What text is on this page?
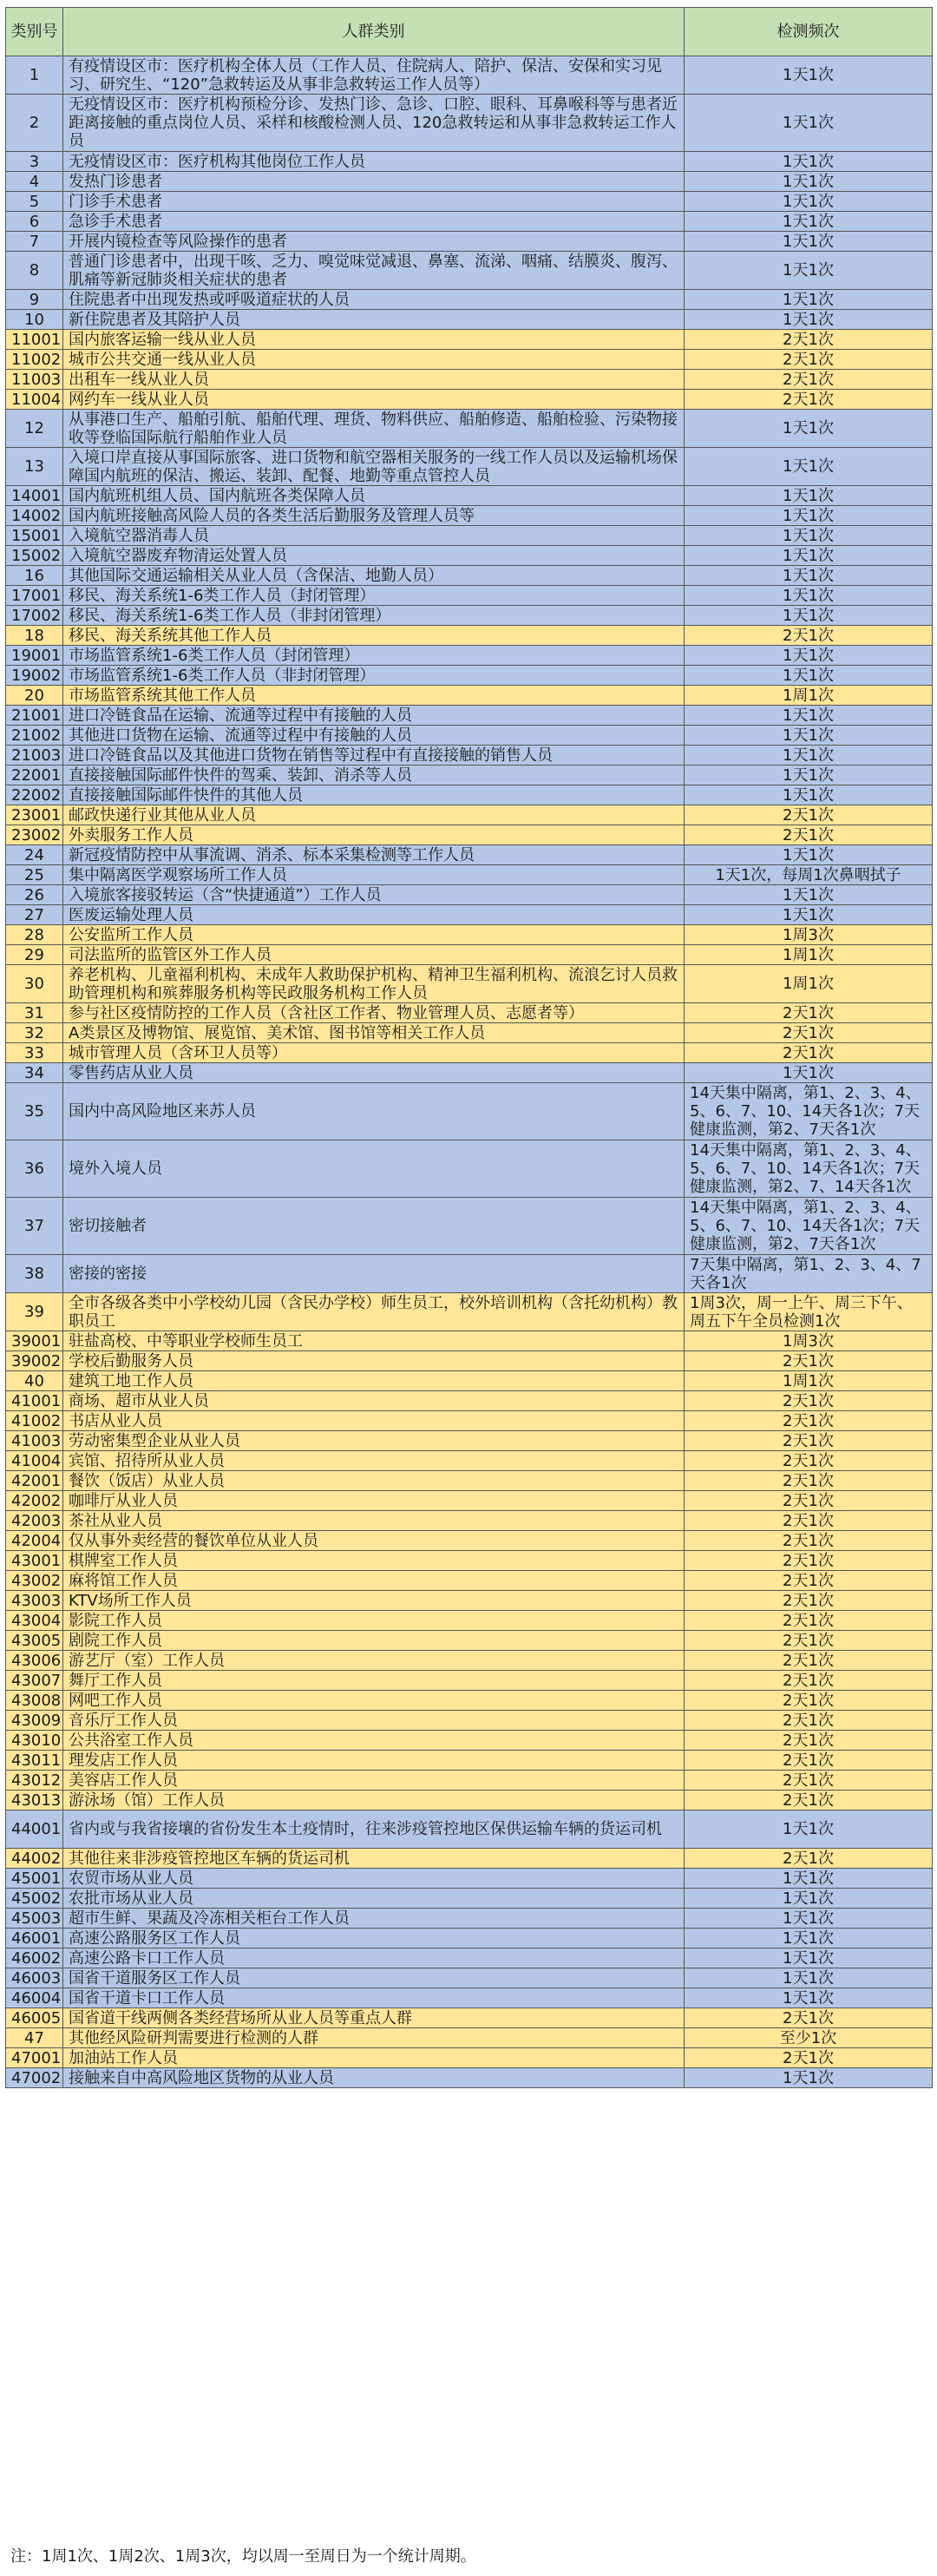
类别号	人群类别	检测频次
1	有疫情设区市：医疗机构全体人员（工作人员、住院病人、陪护、保洁、安保和实习见习、研究生、“120”急救转运及从事非急救转运工作人员等）	1天1次
2	无疫情设区市：医疗机构预检分诊、发热门诊、急诊、口腔、眼科、耳鼻喉科等与患者近距离接触的重点岗位人员、采样和核酸检测人员、120急救转运和从事非急救转运工作人员	1天1次
3	无疫情设区市：医疗机构其他岗位工作人员	1天1次
4	发热门诊患者	1天1次
5	门诊手术患者	1天1次
6	急诊手术患者	1天1次
7	开展内镜检查等风险操作的患者	1天1次
8	普通门诊患者中，出现干咳、乏力、嗅觉味觉减退、鼻塞、流涕、咽痛、结膜炎、腹泻、肌痛等新冠肺炎相关症状的患者	1天1次
9	住院患者中出现发热或呼吸道症状的人员	1天1次
10	新住院患者及其陪护人员	1天1次
11001	国内旅客运输一线从业人员	2天1次
11002	城市公共交通一线从业人员	2天1次
11003	出租车一线从业人员	2天1次
11004	网约车一线从业人员	2天1次
12	从事港口生产、船舶引航、船舶代理、理货、物料供应、船舶修造、船舶检验、污染物接收等登临国际航行船舶作业人员	1天1次
13	入境口岸直接从事国际旅客、进口货物和航空器相关服务的一线工作人员以及运输机场保障国内航班的保洁、搬运、装卸、配餐、地勤等重点管控人员	1天1次
14001	国内航班机组人员、国内航班各类保障人员	1天1次
14002	国内航班接触高风险人员的各类生活后勤服务及管理人员等	1天1次
15001	入境航空器消毒人员	1天1次
15002	入境航空器废弃物清运处置人员	1天1次
16	其他国际交通运输相关从业人员（含保洁、地勤人员）	1天1次
17001	移民、海关系统1-6类工作人员（封闭管理）	1天1次
17002	移民、海关系统1-6类工作人员（非封闭管理）	1天1次
18	移民、海关系统其他工作人员	2天1次
19001	市场监管系统1-6类工作人员（封闭管理）	1天1次
19002	市场监管系统1-6类工作人员（非封闭管理）	1天1次
20	市场监管系统其他工作人员	1周1次
21001	进口冷链食品在运输、流通等过程中有接触的人员	1天1次
21002	其他进口货物在运输、流通等过程中有接触的人员	1天1次
21003	进口冷链食品以及其他进口货物在销售等过程中有直接接触的销售人员	1天1次
22001	直接接触国际邮件快件的驾乘、装卸、消杀等人员	1天1次
22002	直接接触国际邮件快件的其他人员	1天1次
23001	邮政快递行业其他从业人员	2天1次
23002	外卖服务工作人员	2天1次
24	新冠疫情防控中从事流调、消杀、标本采集检测等工作人员	1天1次
25	集中隔离医学观察场所工作人员	1天1次，每周1次鼻咽拭子
26	入境旅客接驳转运（含“快捷通道”）工作人员	1天1次
27	医废运输处理人员	1天1次
28	公安监所工作人员	1周3次
29	司法监所的监管区外工作人员	1周1次
30	养老机构、儿童福利机构、未成年人救助保护机构、精神卫生福利机构、流浪乞讨人员救助管理机构和殡葬服务机构等民政服务机构工作人员	1周1次
31	参与社区疫情防控的工作人员（含社区工作者、物业管理人员、志愿者等）	2天1次
32	A类景区及博物馆、展览馆、美术馆、图书馆等相关工作人员	2天1次
33	城市管理人员（含环卫人员等）	2天1次
34	零售药店从业人员	1天1次
35	国内中高风险地区来苏人员	14天集中隔离，第1、2、3、4、5、6、7、10、14天各1次；7天健康监测，第2、7天各1次
36	境外入境人员	14天集中隔离，第1、2、3、4、5、6、7、10、14天各1次；7天健康监测，第2、7、14天各1次
37	密切接触者	14天集中隔离，第1、2、3、4、5、6、7、10、14天各1次；7天健康监测，第2、7天各1次
38	密接的密接	7天集中隔离，第1、2、3、4、7天各1次
39	全市各级各类中小学校幼儿园（含民办学校）师生员工，校外培训机构（含托幼机构）教职员工	1周3次，周一上午、周三下午、周五下午全员检测1次
39001	驻盐高校、中等职业学校师生员工	1周3次
39002	学校后勤服务人员	2天1次
40	建筑工地工作人员	1周1次
41001	商场、超市从业人员	2天1次
41002	书店从业人员	2天1次
41003	劳动密集型企业从业人员	2天1次
41004	宾馆、招待所从业人员	2天1次
42001	餐饮（饭店）从业人员	2天1次
42002	咖啡厅从业人员	2天1次
42003	茶社从业人员	2天1次
42004	仅从事外卖经营的餐饮单位从业人员	2天1次
43001	棋牌室工作人员	2天1次
43002	麻将馆工作人员	2天1次
43003	KTV场所工作人员	2天1次
43004	影院工作人员	2天1次
43005	剧院工作人员	2天1次
43006	游艺厅（室）工作人员	2天1次
43007	舞厅工作人员	2天1次
43008	网吧工作人员	2天1次
43009	音乐厅工作人员	2天1次
43010	公共浴室工作人员	2天1次
43011	理发店工作人员	2天1次
43012	美容店工作人员	2天1次
43013	游泳场（馆）工作人员	2天1次
44001	省内或与我省接壤的省份发生本土疫情时，往来涉疫管控地区保供运输车辆的货运司机	1天1次
44002	其他往来非涉疫管控地区车辆的货运司机	2天1次
45001	农贸市场从业人员	1天1次
45002	农批市场从业人员	1天1次
45003	超市生鲜、果蔬及冷冻相关柜台工作人员	1天1次
46001	高速公路服务区工作人员	1天1次
46002	高速公路卡口工作人员	1天1次
46003	国省干道服务区工作人员	1天1次
46004	国省干道卡口工作人员	1天1次
46005	国省道干线两侧各类经营场所从业人员等重点人群	2天1次
47	其他经风险研判需要进行检测的人群	至少1次
47001	加油站工作人员	2天1次
47002	接触来自中高风险地区货物的从业人员	1天1次
注：1周1次、1周2次、1周3次，均以周一至周日为一个统计周期。
